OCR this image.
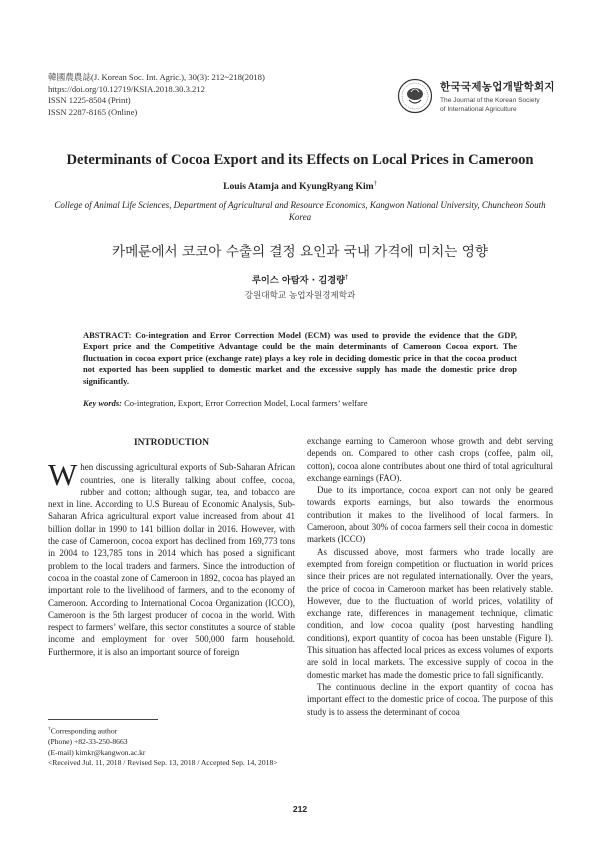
韓國農農誌(J. Korean Soc. Int. Agric.), 30(3): 212~218(2018)
https://doi.org/10.12719/KSIA.2018.30.3.212
ISSN 1225-8504 (Print)
ISSN 2287-8165 (Online)
한국국제농업개발학회지
The Journal of the Korean Society
of International Agriculture
Determinants of Cocoa Export and its Effects on Local Prices in Cameroon
Louis Atamja and KyungRyang Kim†
College of Animal Life Sciences, Department of Agricultural and Resource Economics, Kangwon National University, Chuncheon South Korea
카메룬에서 코코아 수출의 결정 요인과 국내 가격에 미치는 영향
루이스 아탐자 · 김경량†
강원대학교 농업자원경제학과
ABSTRACT: Co-integration and Error Correction Model (ECM) was used to provide the evidence that the GDP, Export price and the Competitive Advantage could be the main determinants of Cameroon Cocoa export. The fluctuation in cocoa export price (exchange rate) plays a key role in deciding domestic price in that the cocoa product not exported has been supplied to domestic market and the excessive supply has made the domestic price drop significantly.
Key words: Co-integration, Export, Error Correction Model, Local farmers’ welfare
INTRODUCTION

When discussing agricultural exports of Sub-Saharan African countries, one is literally talking about coffee, cocoa, rubber and cotton; although sugar, tea, and tobacco are next in line. According to U.S Bureau of Economic Analysis, Sub-Saharan Africa agricultural export value increased from about 41 billion dollar in 1990 to 141 billion dollar in 2016. However, with the case of Cameroon, cocoa export has declined from 169,773 tons in 2004 to 123,785 tons in 2014 which has posed a significant problem to the local traders and farmers. Since the introduction of cocoa in the coastal zone of Cameroon in 1892, cocoa has played an important role to the livelihood of farmers, and to the economy of Cameroon. According to International Cocoa Organization (ICCO), Cameroon is the 5th largest producer of cocoa in the world. With respect to farmers’ welfare, this sector constitutes a source of stable income and employment for over 500,000 farm household. Furthermore, it is also an important source of foreign

exchange earning to Cameroon whose growth and debt serving depends on. Compared to other cash crops (coffee, palm oil, cotton), cocoa alone contributes about one third of total agricultural exchange earnings (FAO).

Due to its importance, cocoa export can not only be geared towards exports earnings, but also towards the enormous contribution it makes to the livelihood of local farmers. In Cameroon, about 30% of cocoa farmers sell their cocoa in domestic markets (ICCO)

As discussed above, most farmers who trade locally are exempted from foreign competition or fluctuation in world prices since their prices are not regulated internationally. Over the years, the price of cocoa in Cameroon market has been relatively stable. However, due to the fluctuation of world prices, volatility of exchange rate, differences in management technique, climatic condition, and low cocoa quality (post harvesting handling conditions), export quantity of cocoa has been unstable (Figure I). This situation has affected local prices as excess volumes of exports are sold in local markets. The excessive supply of cocoa in the domestic market has made the domestic price to fall significantly.

The continuous decline in the export quantity of cocoa has important effect to the domestic price of cocoa. The purpose of this study is to assess the determinant of cocoa

†Corresponding author
(Phone) +82-33-250-8663
(E-mail) kimkr@kangwon.ac.kr
<Received Jul. 11, 2018 / Revised Sep. 13, 2018 / Accepted Sep. 14, 2018>
212
